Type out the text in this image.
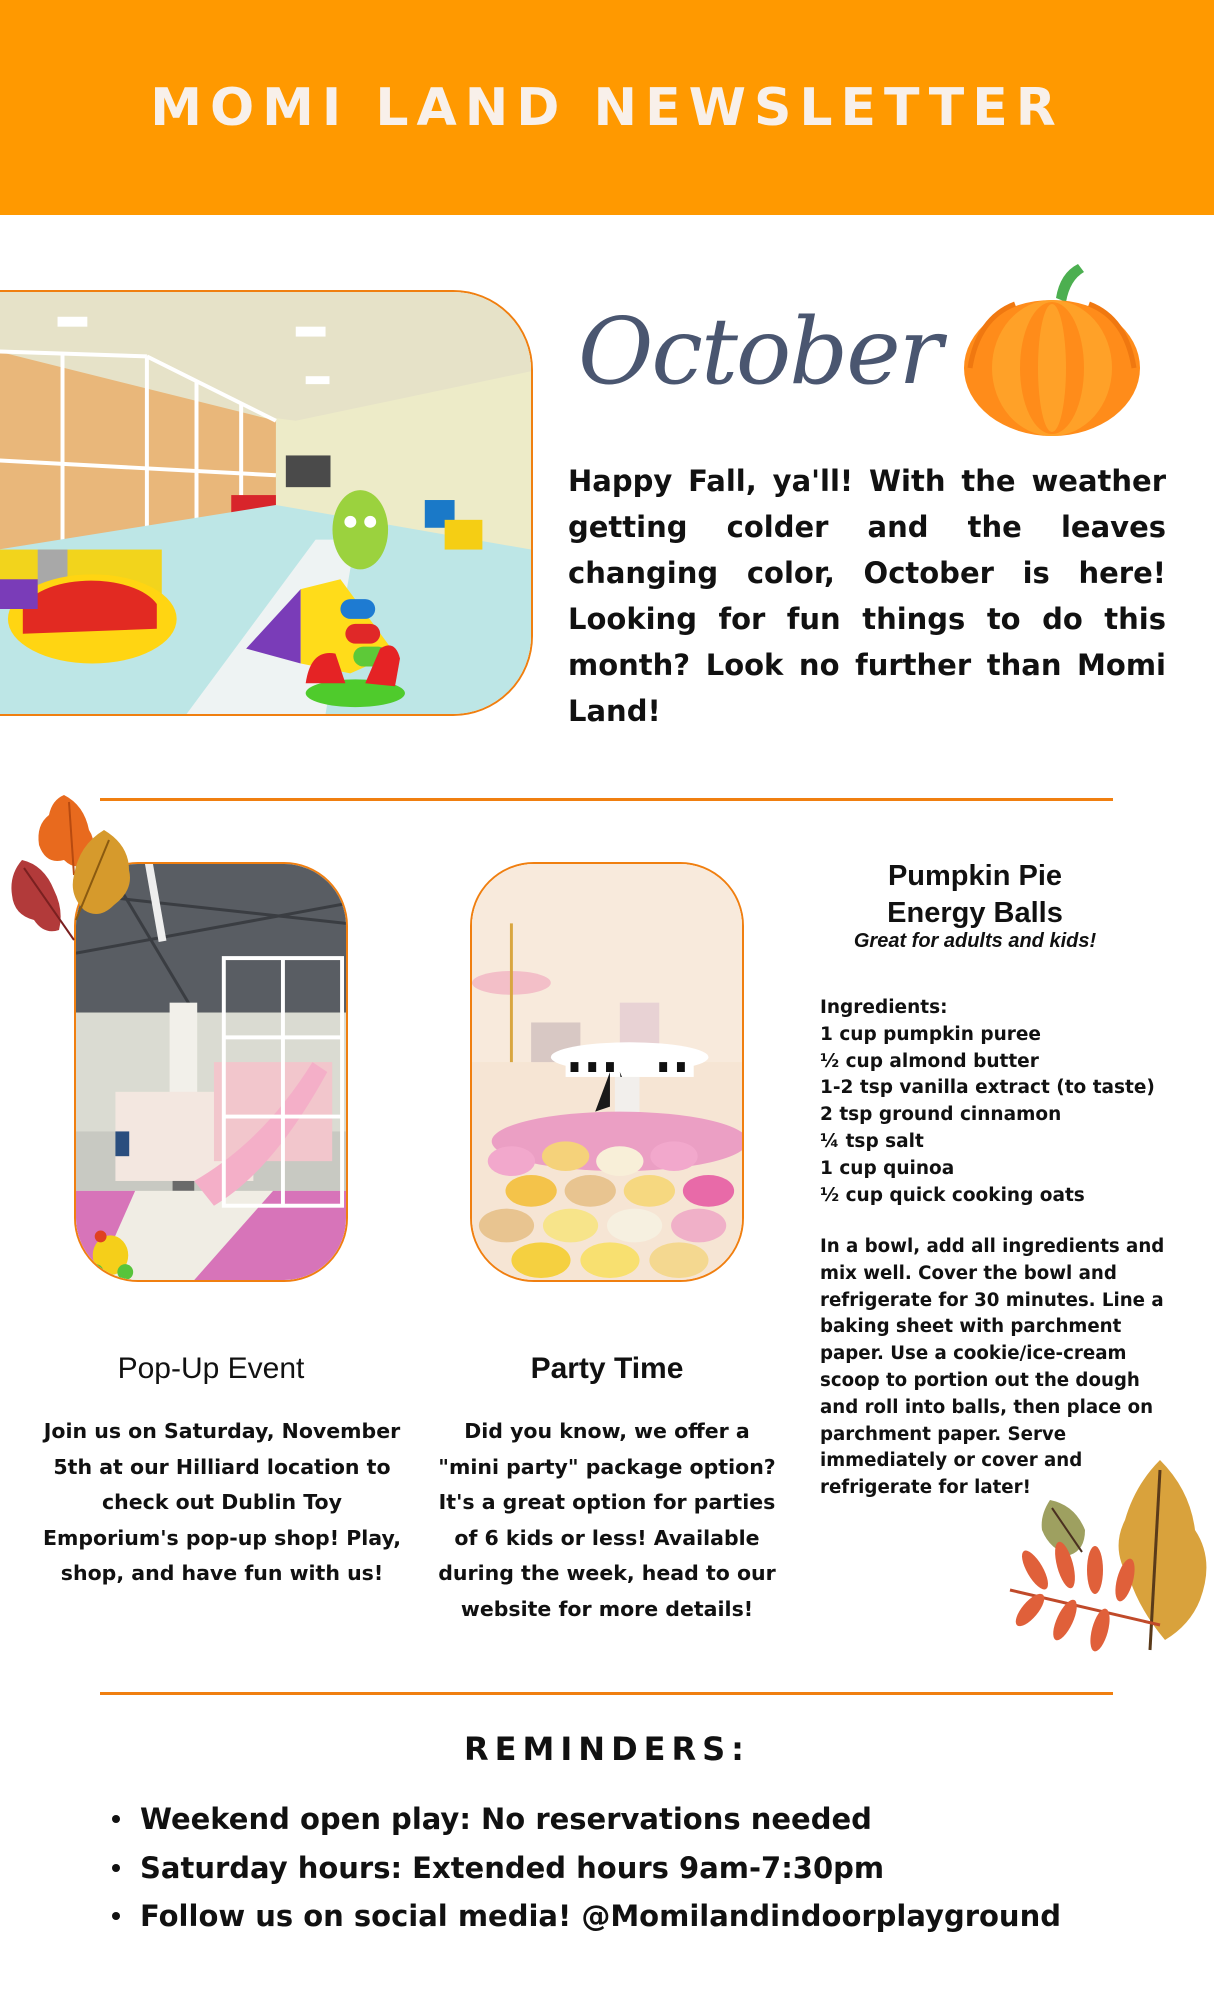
MOMI LAND NEWSLETTER
October

Happy Fall, ya'll! With the weather getting colder and the leaves changing color, October is here! Looking for fun things to do this month? Look no further than Momi Land!

Pop-Up Event
Join us on Saturday, November 5th at our Hilliard location to check out Dublin Toy Emporium's pop-up shop! Play, shop, and have fun with us!
Party Time
Did you know, we offer a "mini party" package option? It's a great option for parties of 6 kids or less! Available during the week, head to our website for more details!
Pumpkin Pie
Energy Balls
Great for adults and kids!
Ingredients:
1 cup pumpkin puree
½ cup almond butter
1-2 tsp vanilla extract (to taste)
2 tsp ground cinnamon
¼ tsp salt
1 cup quinoa
½ cup quick cooking oats

In a bowl, add all ingredients and mix well. Cover the bowl and refrigerate for 30 minutes. Line a baking sheet with parchment paper. Use a cookie/ice-cream scoop to portion out the dough and roll into balls, then place on parchment paper. Serve immediately or cover and refrigerate for later!

REMINDERS:
Weekend open play: No reservations needed
Saturday hours: Extended hours 9am-7:30pm
Follow us on social media! @Momilandindoorplayground
